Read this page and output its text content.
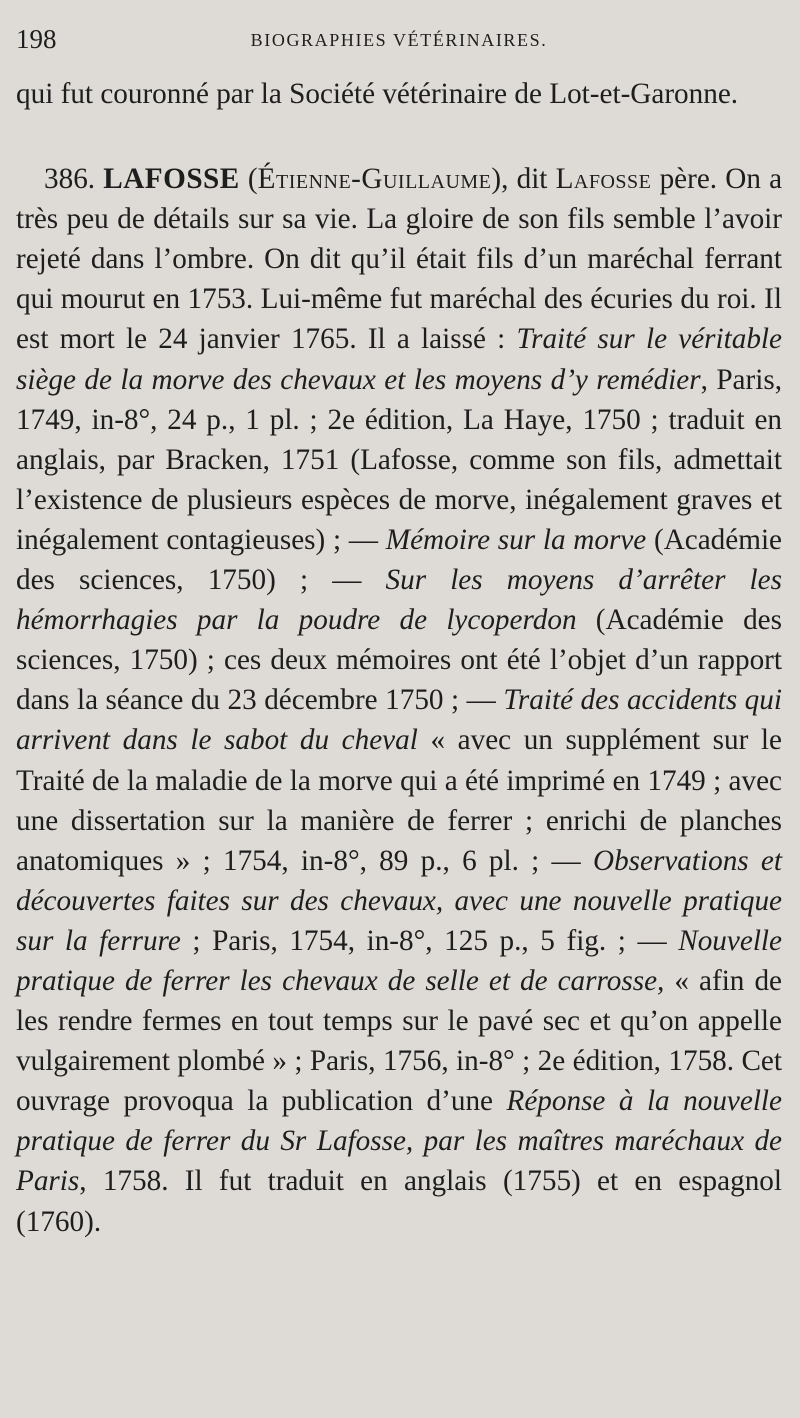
198	BIOGRAPHIES VÉTÉRINAIRES.

qui fut couronné par la Société vétérinaire de Lot-et-Garonne.

386. LAFOSSE (Étienne-Guillaume), dit Lafosse père. On a très peu de détails sur sa vie. La gloire de son fils semble l’avoir rejeté dans l’ombre. On dit qu’il était fils d’un maréchal ferrant qui mourut en 1753. Lui-même fut maréchal des écuries du roi. Il est mort le 24 janvier 1765. Il a laissé : Traité sur le véritable siège de la morve des chevaux et les moyens d’y remédier, Paris, 1749, in-8°, 24 p., 1 pl. ; 2e édition, La Haye, 1750 ; traduit en anglais, par Bracken, 1751 (Lafosse, comme son fils, admettait l’existence de plusieurs espèces de morve, inégalement graves et inégalement contagieuses) ; — Mémoire sur la morve (Académie des sciences, 1750) ; — Sur les moyens d’arrêter les hémorrhagies par la poudre de lycoperdon (Académie des sciences, 1750) ; ces deux mémoires ont été l’objet d’un rapport dans la séance du 23 décembre 1750 ; — Traité des accidents qui arrivent dans le sabot du cheval « avec un supplément sur le Traité de la maladie de la morve qui a été imprimé en 1749 ; avec une dissertation sur la manière de ferrer ; enrichi de planches anatomiques » ; 1754, in-8°, 89 p., 6 pl. ; — Observations et découvertes faites sur des chevaux, avec une nouvelle pratique sur la ferrure ; Paris, 1754, in-8°, 125 p., 5 fig. ; — Nouvelle pratique de ferrer les chevaux de selle et de carrosse, « afin de les rendre fermes en tout temps sur le pavé sec et qu’on appelle vulgairement plombé » ; Paris, 1756, in-8° ; 2e édition, 1758. Cet ouvrage provoqua la publication d’une Réponse à la nouvelle pratique de ferrer du Sr Lafosse, par les maîtres maréchaux de Paris, 1758. Il fut traduit en anglais (1755) et en espagnol (1760).
